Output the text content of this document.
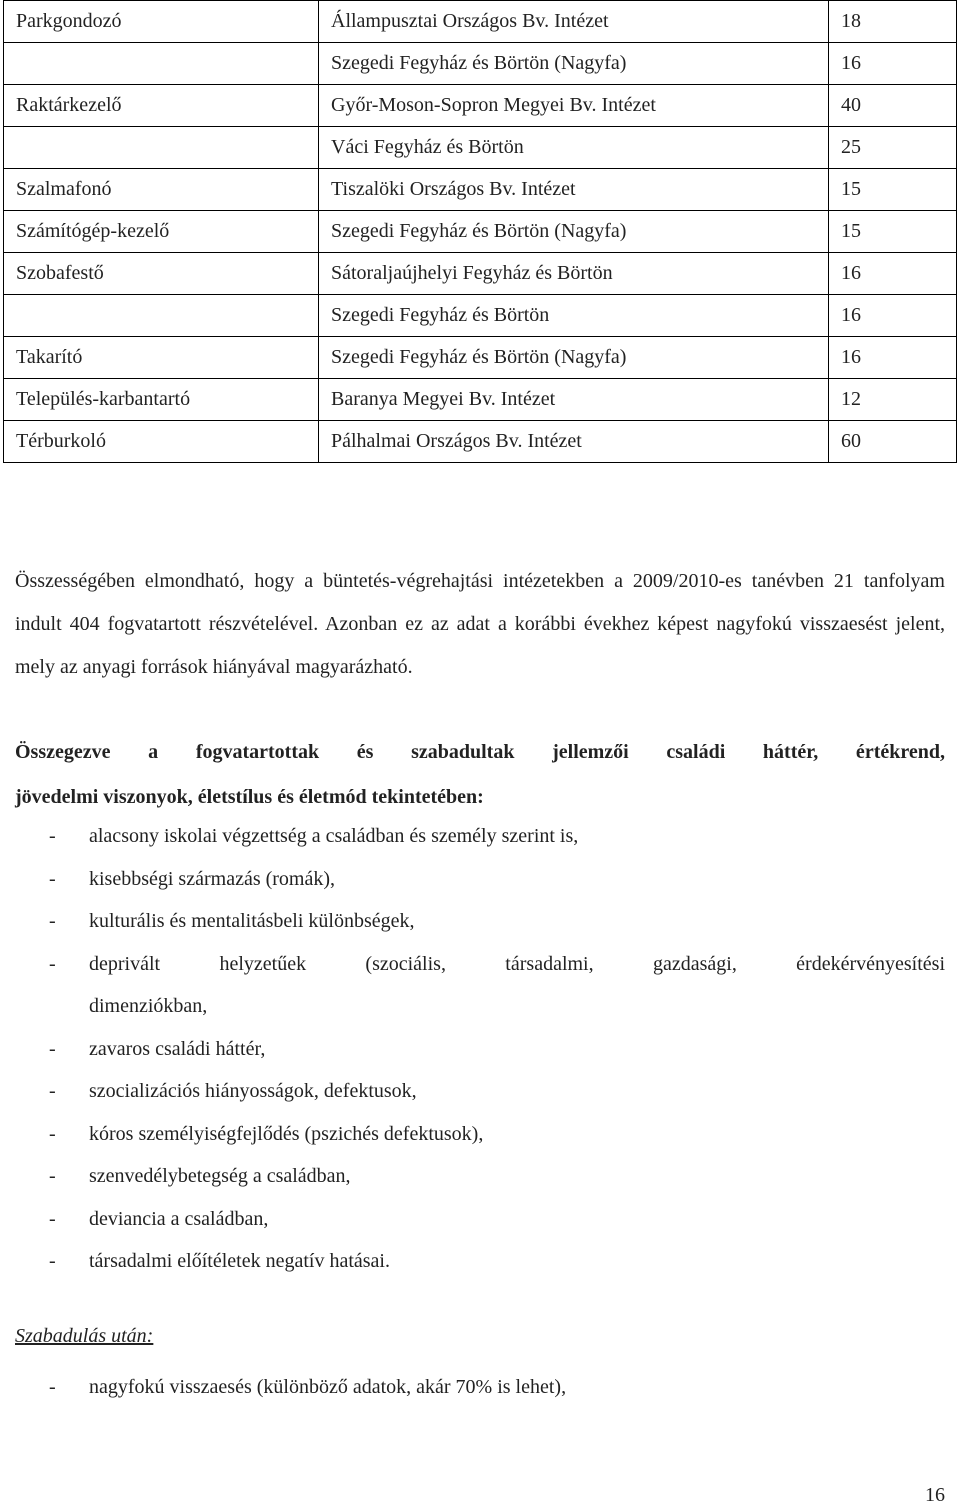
Parkgondozó	Állampusztai Országos Bv. Intézet	18
	Szegedi Fegyház és Börtön (Nagyfa)	16
Raktárkezelő	Győr-Moson-Sopron Megyei Bv. Intézet	40
	Váci Fegyház és Börtön	25
Szalmafonó	Tiszalöki Országos Bv. Intézet	15
Számítógép-kezelő	Szegedi Fegyház és Börtön (Nagyfa)	15
Szobafestő	Sátoraljaújhelyi Fegyház és Börtön	16
	Szegedi Fegyház és Börtön	16
Takarító	Szegedi Fegyház és Börtön (Nagyfa)	16
Település-karbantartó	Baranya Megyei Bv. Intézet	12
Térburkoló	Pálhalmai Országos Bv. Intézet	60

Összességében elmondható, hogy a büntetés-végrehajtási intézetekben a 2009/2010-es tanévben 21 tanfolyam indult 404 fogvatartott részvételével. Azonban ez az adat a korábbi évekhez képest nagyfokú visszaesést jelent, mely az anyagi források hiányával magyarázható.

Összegezve a fogvatartottak és szabadultak jellemzői családi háttér, értékrend,
jövedelmi viszonyok, életstílus és életmód tekintetében:

- alacsony iskolai végzettség a családban és személy szerint is,
- kisebbségi származás (romák),
- kulturális és mentalitásbeli különbségek,
- deprivált helyzetűek (szociális, társadalmi, gazdasági, érdekérvényesítési
dimenziókban,
- zavaros családi háttér,
- szocializációs hiányosságok, defektusok,
- kóros személyiségfejlődés (pszichés defektusok),
- szenvedélybetegség a családban,
- deviancia a családban,
- társadalmi előítéletek negatív hatásai.

Szabadulás után:

- nagyfokú visszaesés (különböző adatok, akár 70% is lehet),
16
